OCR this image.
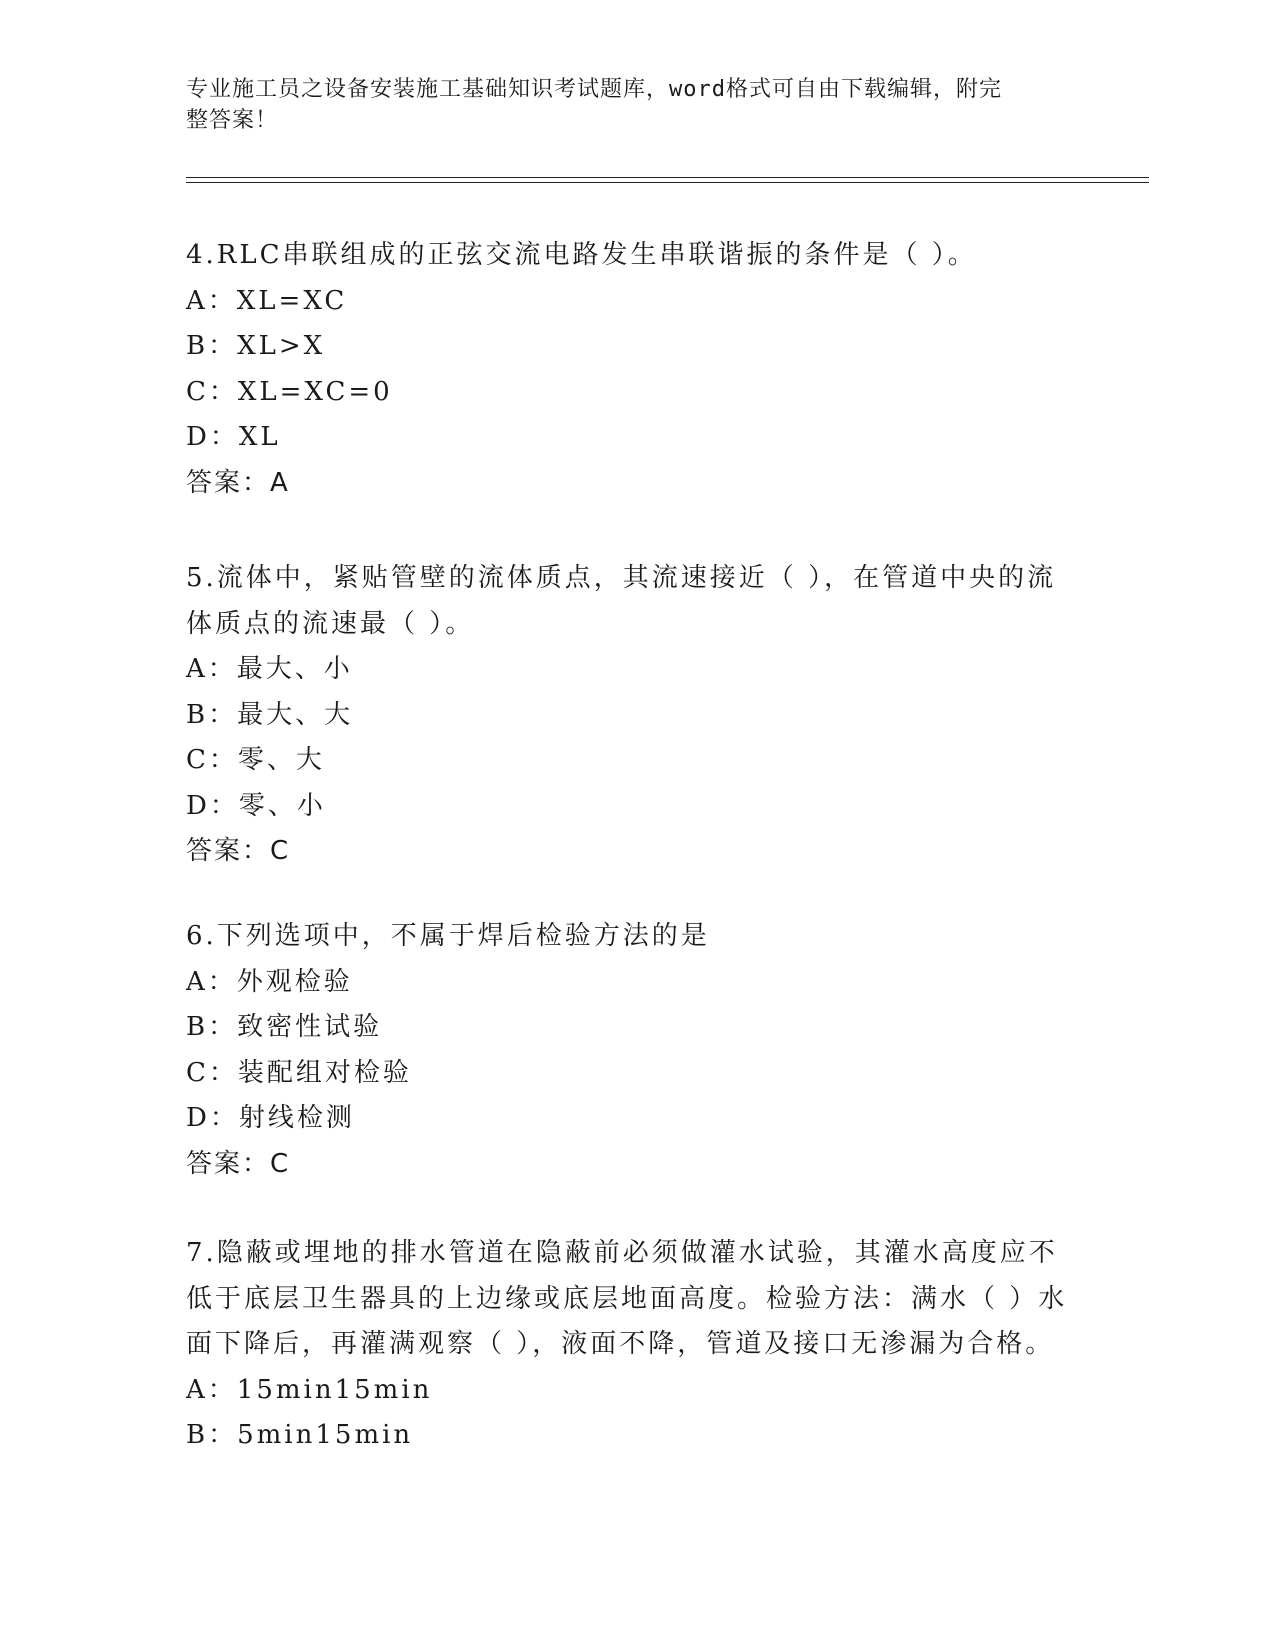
专业施工员之设备安装施工基础知识考试题库，word格式可自由下载编辑，附完
整答案！
4.RLC串联组成的正弦交流电路发生串联谐振的条件是（ ）。
A：XL=XC
B：XL>X
C：XL=XC=0
D：XL
答案：A
5.流体中，紧贴管壁的流体质点，其流速接近（ ），在管道中央的流
体质点的流速最（ ）。
A：最大、小
B：最大、大
C：零、大
D：零、小
答案：C
6.下列选项中，不属于焊后检验方法的是
A：外观检验
B：致密性试验
C：装配组对检验
D：射线检测
答案：C
7.隐蔽或埋地的排水管道在隐蔽前必须做灌水试验，其灌水高度应不
低于底层卫生器具的上边缘或底层地面高度。检验方法：满水（ ）水
面下降后，再灌满观察（ ），液面不降，管道及接口无渗漏为合格。
A：15min15min
B：5min15min
